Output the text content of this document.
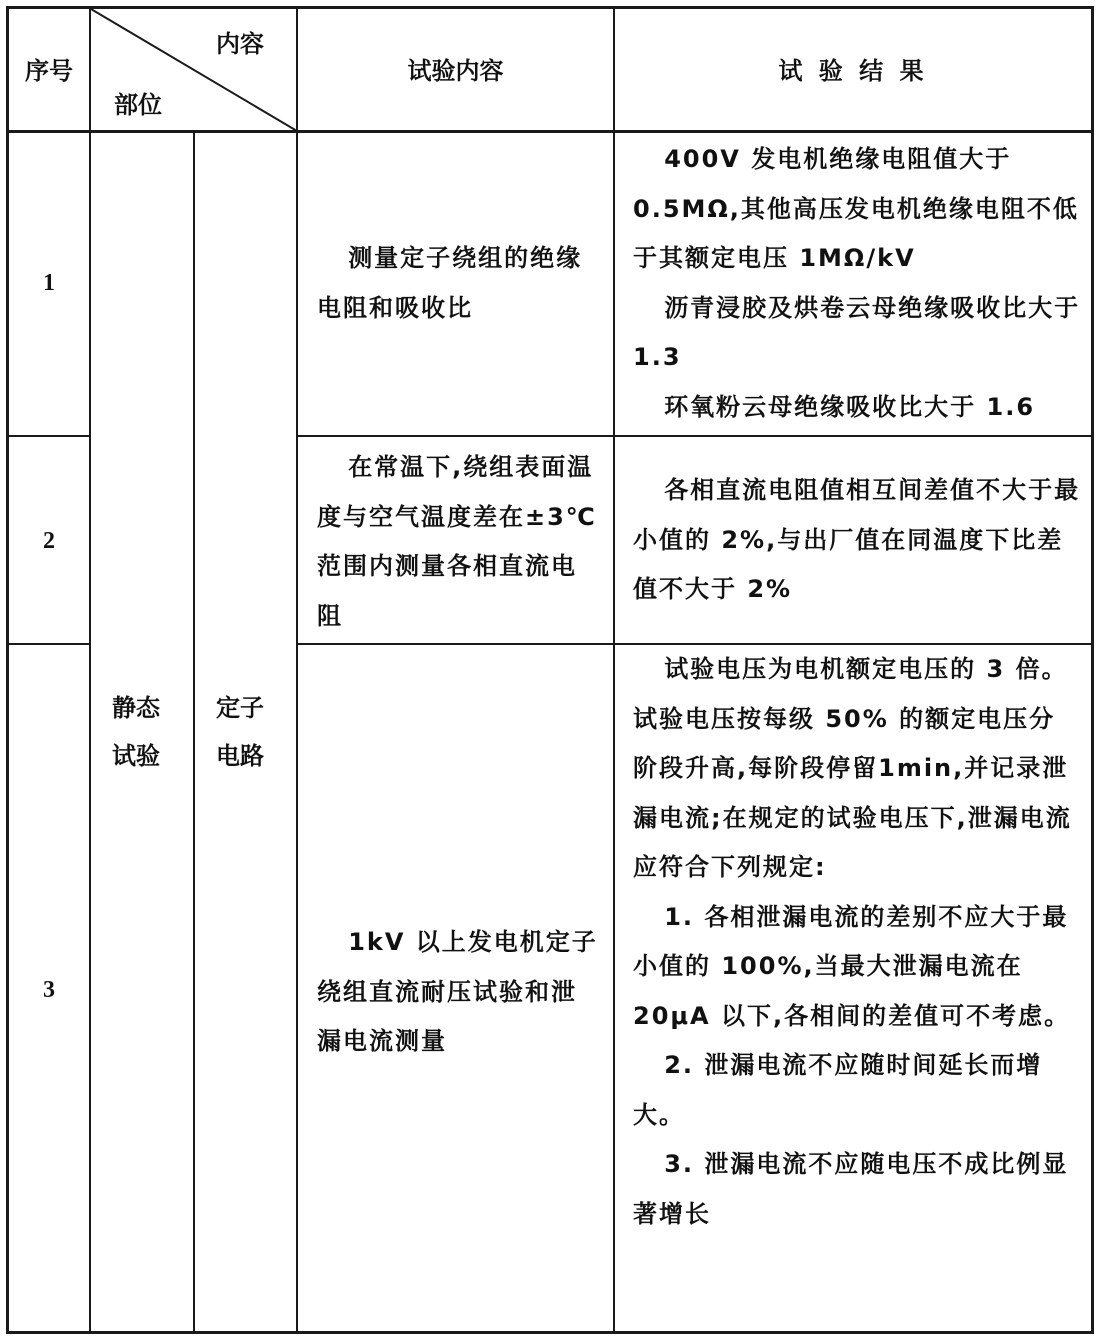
序号
内容
部位
试验内容	试 验 结 果
静态
试验
定子
电路
1

测量定子绕组的绝缘电阻和吸收比

400V 发电机绝缘电阻值大于0.5MΩ,其他高压发电机绝缘电阻不低于其额定电压 1MΩ/kV

沥青浸胶及烘卷云母绝缘吸收比大于 1.3

环氧粉云母绝缘吸收比大于 1.6

2

在常温下,绕组表面温度与空气温度差在±3℃范围内测量各相直流电阻

各相直流电阻值相互间差值不大于最小值的 2%,与出厂值在同温度下比差值不大于 2%

3

1kV 以上发电机定子绕组直流耐压试验和泄漏电流测量

试验电压为电机额定电压的 3 倍。试验电压按每级 50% 的额定电压分阶段升高,每阶段停留1min,并记录泄漏电流;在规定的试验电压下,泄漏电流应符合下列规定:

1. 各相泄漏电流的差别不应大于最小值的 100%,当最大泄漏电流在 20μA 以下,各相间的差值可不考虑。

2. 泄漏电流不应随时间延长而增大。

3. 泄漏电流不应随电压不成比例显著增长
